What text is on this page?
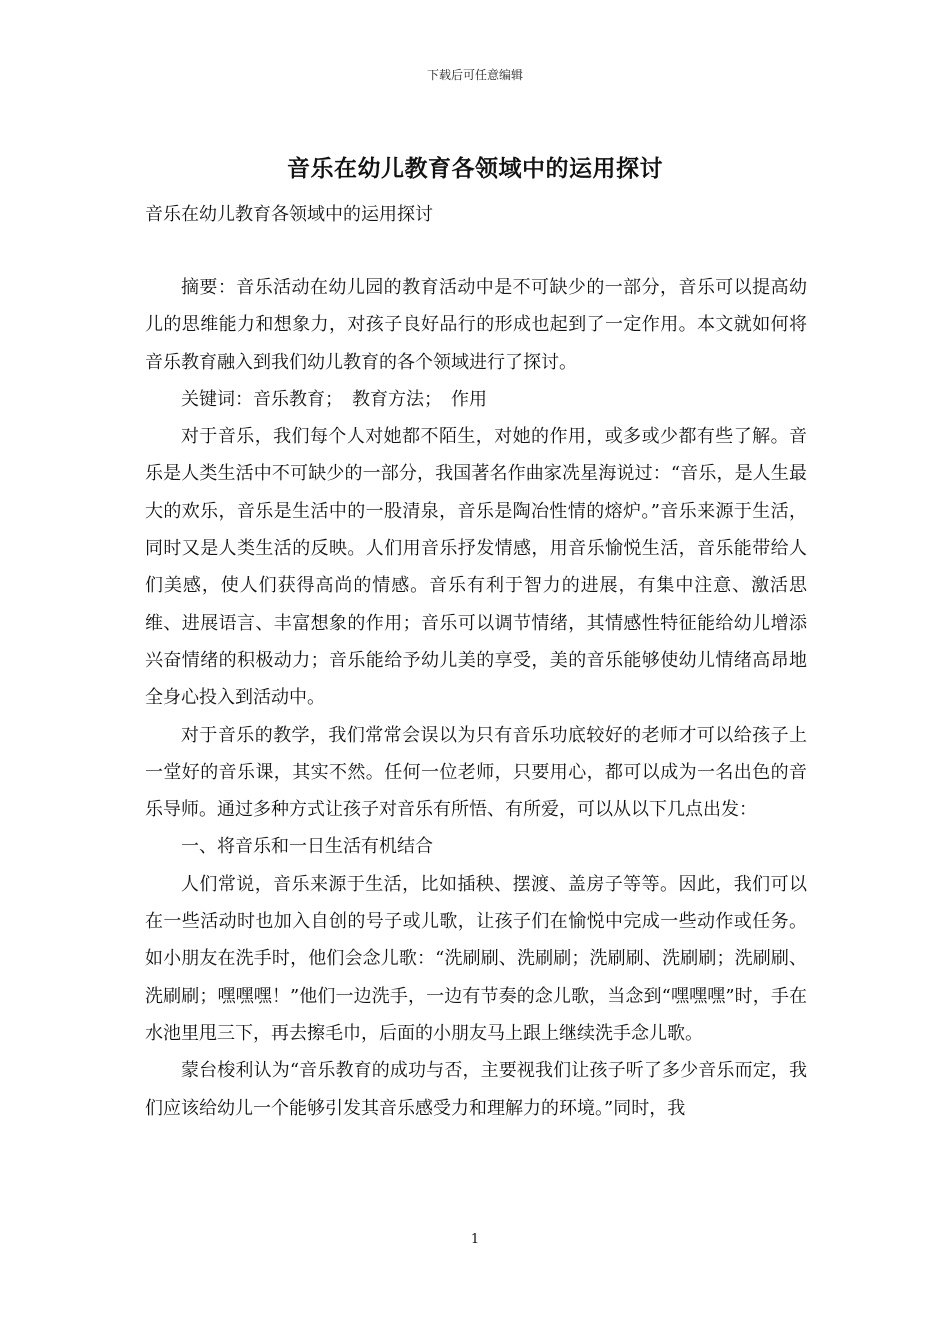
下载后可任意编辑
音乐在幼儿教育各领域中的运用探讨
音乐在幼儿教育各领域中的运用探讨

摘要：音乐活动在幼儿园的教育活动中是不可缺少的一部分，音乐可以提高幼儿的思维能力和想象力，对孩子良好品行的形成也起到了一定作用。本文就如何将音乐教育融入到我们幼儿教育的各个领域进行了探讨。

关键词：音乐教育；　教育方法；　作用

对于音乐，我们每个人对她都不陌生，对她的作用，或多或少都有些了解。音乐是人类生活中不可缺少的一部分，我国著名作曲家冼星海说过：“音乐，是人生最大的欢乐，音乐是生活中的一股清泉，音乐是陶冶性情的熔炉。”音乐来源于生活，同时又是人类生活的反映。人们用音乐抒发情感，用音乐愉悦生活，音乐能带给人们美感，使人们获得高尚的情感。音乐有利于智力的进展，有集中注意、激活思维、进展语言、丰富想象的作用；音乐可以调节情绪，其情感性特征能给幼儿增添兴奋情绪的积极动力；音乐能给予幼儿美的享受，美的音乐能够使幼儿情绪高昂地全身心投入到活动中。

对于音乐的教学，我们常常会误以为只有音乐功底较好的老师才可以给孩子上一堂好的音乐课，其实不然。任何一位老师，只要用心，都可以成为一名出色的音乐导师。通过多种方式让孩子对音乐有所悟、有所爱，可以从以下几点出发：

一、将音乐和一日生活有机结合

人们常说，音乐来源于生活，比如插秧、摆渡、盖房子等等。因此，我们可以在一些活动时也加入自创的号子或儿歌，让孩子们在愉悦中完成一些动作或任务。如小朋友在洗手时，他们会念儿歌：“洗刷刷、洗刷刷；洗刷刷、洗刷刷；洗刷刷、洗刷刷；嘿嘿嘿！”他们一边洗手，一边有节奏的念儿歌，当念到“嘿嘿嘿”时，手在水池里甩三下，再去擦毛巾，后面的小朋友马上跟上继续洗手念儿歌。

蒙台梭利认为“音乐教育的成功与否，主要视我们让孩子听了多少音乐而定，我们应该给幼儿一个能够引发其音乐感受力和理解力的环境。”同时，我

1
